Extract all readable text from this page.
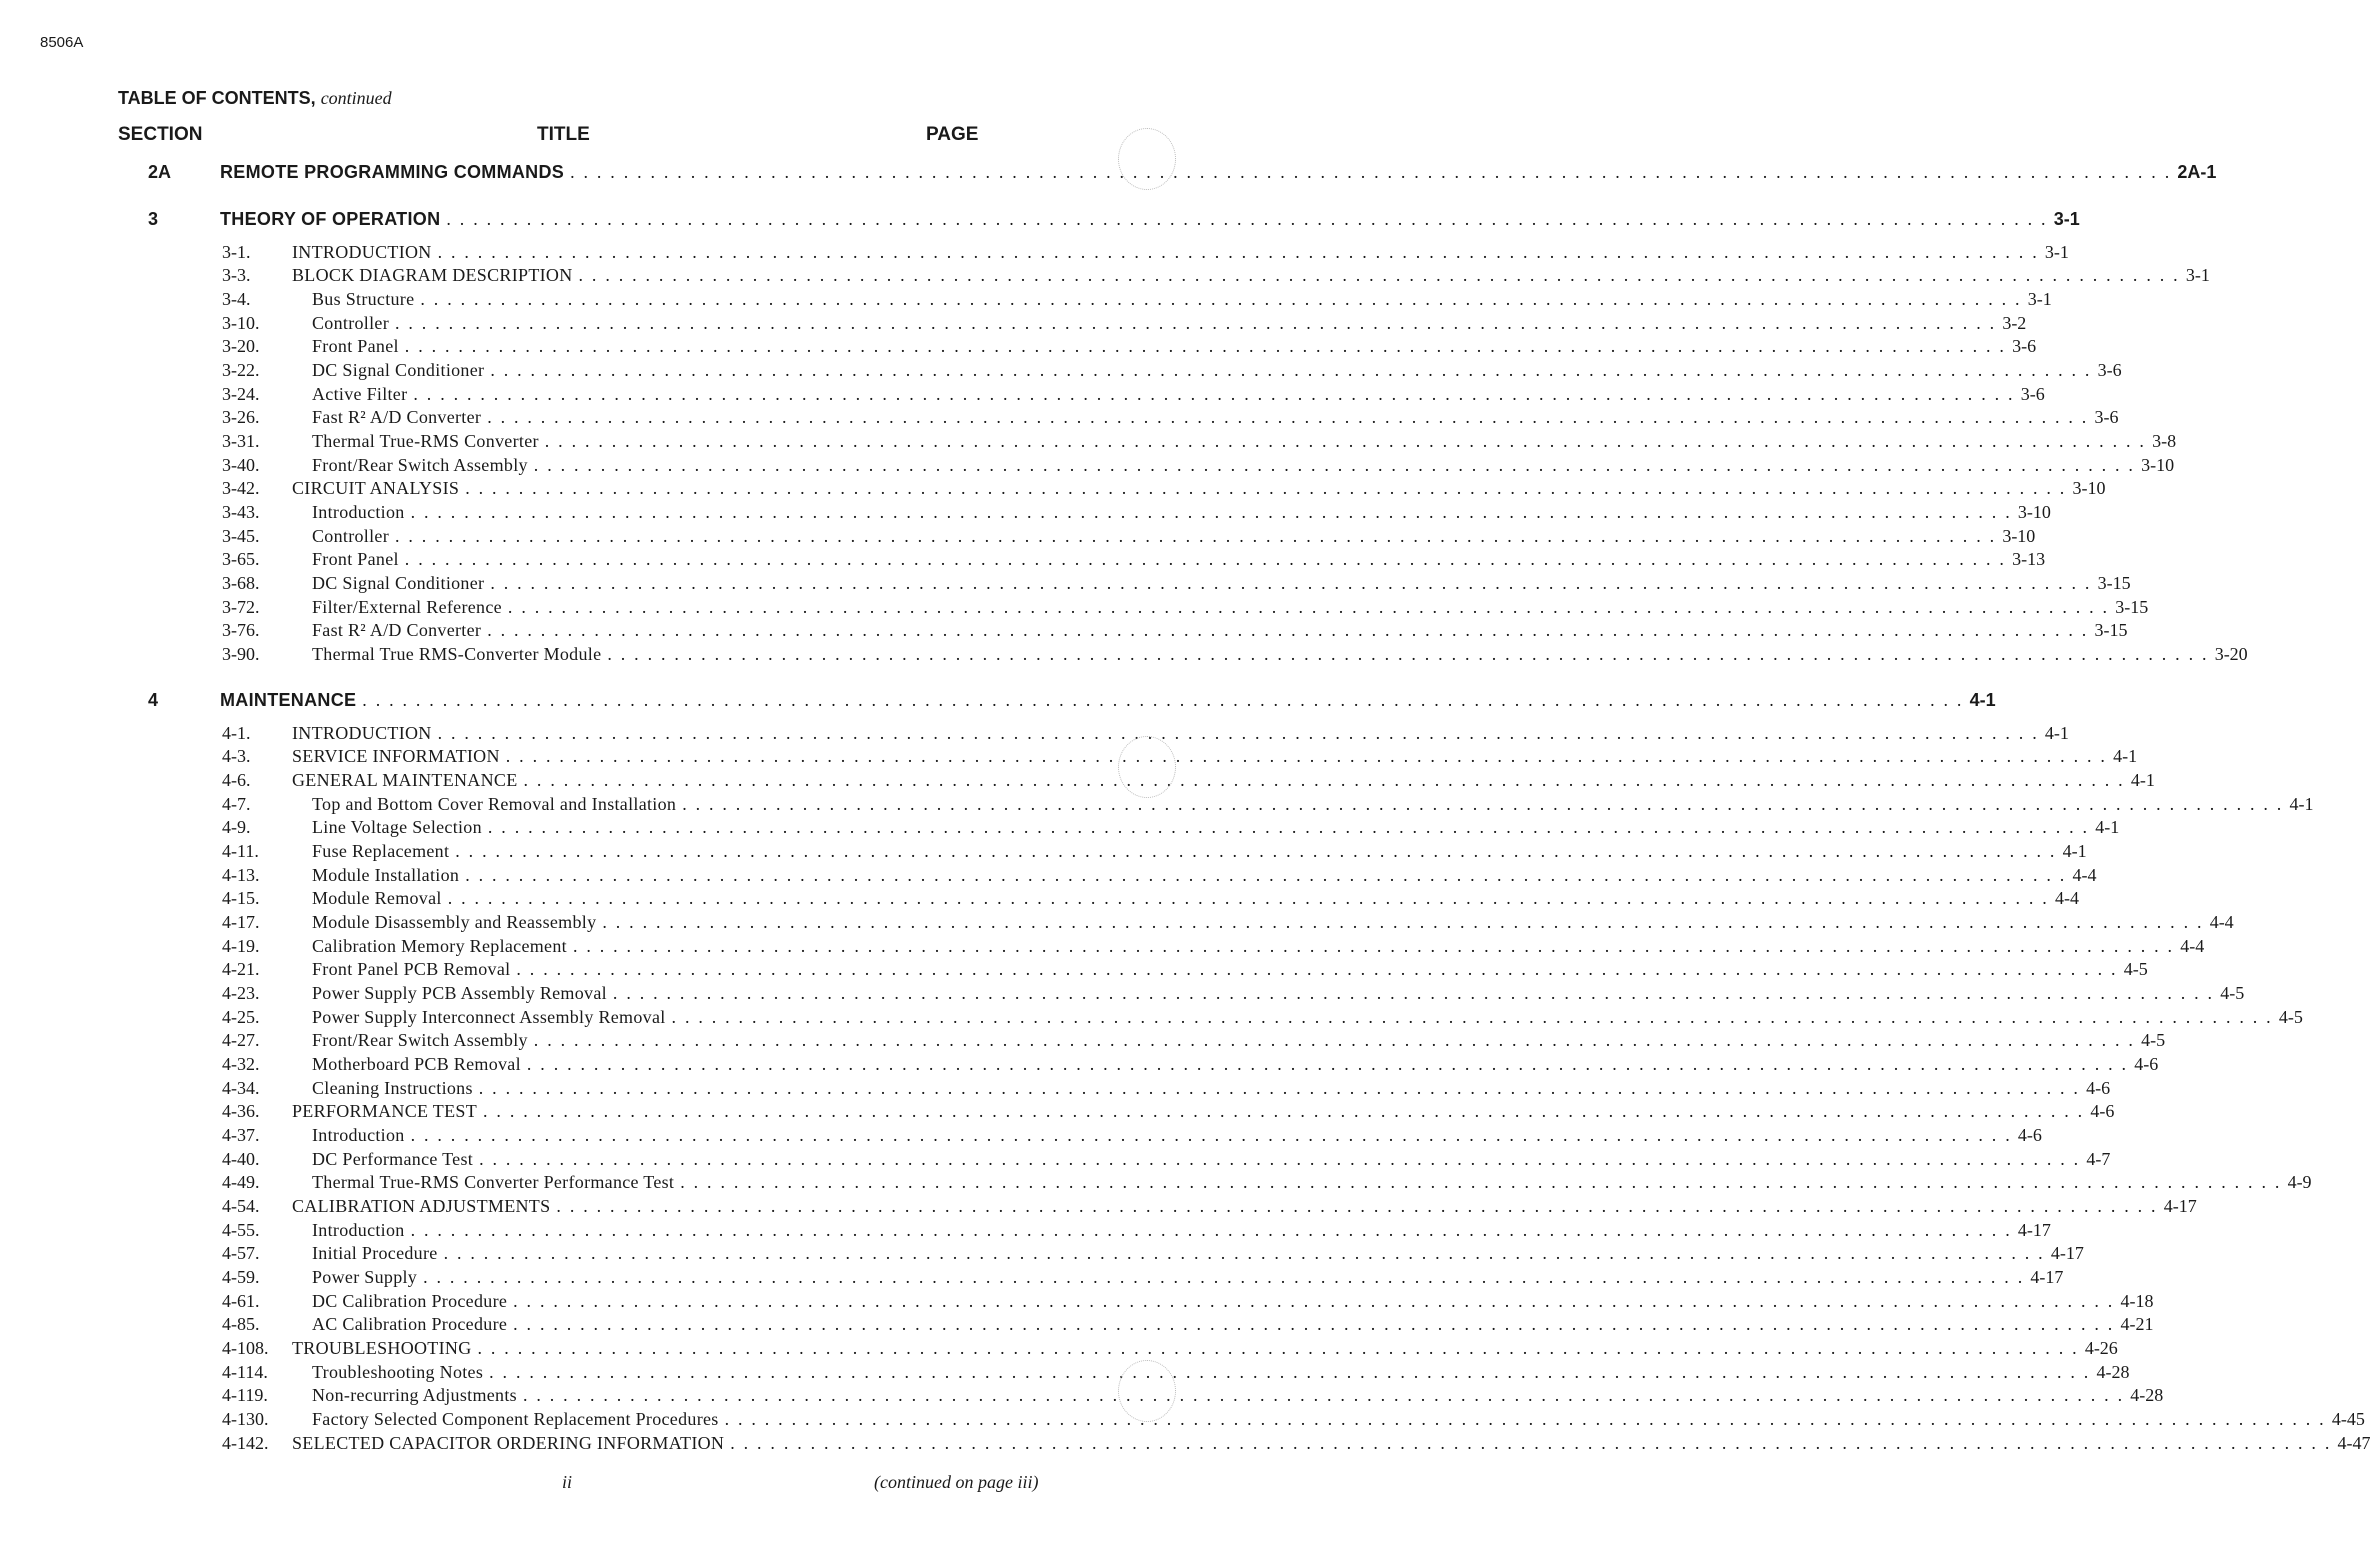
8506A
TABLE OF CONTENTS, continued
SECTION	TITLE	PAGE
2A	REMOTE PROGRAMMING COMMANDS . . . . . . . . . . . . . . . . . . . . . . . . . . . . . . . . . . . . . . . . . . . . . . . . . . . . . . . . . . . . . . . . . . . . . . . . . . . . . . . . . . . . . . . . . . . . . . . . . . . . . . . . . . . . . . . . . . . . . . . . 2A-1
3	THEORY OF OPERATION . . . . . . . . . . . . . . . . . . . . . . . . . . . . . . . . . . . . . . . . . . . . . . . . . . . . . . . . . . . . . . . . . . . . . . . . . . . . . . . . . . . . . . . . . . . . . . . . . . . . . . . . . . . . . . . . . . . . . . . . 3-1
3-1. INTRODUCTION . . . . . . . . . . . . . . . . . . . . . . . . . . . . . . . . . . . . . . . . . . . . . . . . . . . . . . . . . . . . . . . . . . . . . . . . . . . . . . . . . . . . . . . . . . . . . . . . . . . . . . . . . . . . . . . . . . . . . . . . 3-1
3-3. BLOCK DIAGRAM DESCRIPTION . . . . . . . . . . . . . . . . . . . . . . . . . . . . . . . . . . . . . . . . . . . . . . . . . . . . . . . . . . . . . . . . . . . . . . . . . . . . . . . . . . . . . . . . . . . . . . . . . . . . . . . . . . . . . . . . . . . . . . . . 3-1
3-4.	Bus Structure . . . . . . . . . . . . . . . . . . . . . . . . . . . . . . . . . . . . . . . . . . . . . . . . . . . . . . . . . . . . . . . . . . . . . . . . . . . . . . . . . . . . . . . . . . . . . . . . . . . . . . . . . . . . . . . . . . . . . . . . 3-1
3-10.	Controller . . . . . . . . . . . . . . . . . . . . . . . . . . . . . . . . . . . . . . . . . . . . . . . . . . . . . . . . . . . . . . . . . . . . . . . . . . . . . . . . . . . . . . . . . . . . . . . . . . . . . . . . . . . . . . . . . . . . . . . . 3-2
3-20.	Front Panel . . . . . . . . . . . . . . . . . . . . . . . . . . . . . . . . . . . . . . . . . . . . . . . . . . . . . . . . . . . . . . . . . . . . . . . . . . . . . . . . . . . . . . . . . . . . . . . . . . . . . . . . . . . . . . . . . . . . . . . . 3-6
3-22.	DC Signal Conditioner . . . . . . . . . . . . . . . . . . . . . . . . . . . . . . . . . . . . . . . . . . . . . . . . . . . . . . . . . . . . . . . . . . . . . . . . . . . . . . . . . . . . . . . . . . . . . . . . . . . . . . . . . . . . . . . . . . . . . . . . 3-6
3-24.	Active Filter . . . . . . . . . . . . . . . . . . . . . . . . . . . . . . . . . . . . . . . . . . . . . . . . . . . . . . . . . . . . . . . . . . . . . . . . . . . . . . . . . . . . . . . . . . . . . . . . . . . . . . . . . . . . . . . . . . . . . . . . 3-6
3-26.	Fast R² A/D Converter . . . . . . . . . . . . . . . . . . . . . . . . . . . . . . . . . . . . . . . . . . . . . . . . . . . . . . . . . . . . . . . . . . . . . . . . . . . . . . . . . . . . . . . . . . . . . . . . . . . . . . . . . . . . . . . . . . . . . . . . 3-6
3-31.	Thermal True-RMS Converter . . . . . . . . . . . . . . . . . . . . . . . . . . . . . . . . . . . . . . . . . . . . . . . . . . . . . . . . . . . . . . . . . . . . . . . . . . . . . . . . . . . . . . . . . . . . . . . . . . . . . . . . . . . . . . . . . . . . . . . . 3-8
3-40.	Front/Rear Switch Assembly . . . . . . . . . . . . . . . . . . . . . . . . . . . . . . . . . . . . . . . . . . . . . . . . . . . . . . . . . . . . . . . . . . . . . . . . . . . . . . . . . . . . . . . . . . . . . . . . . . . . . . . . . . . . . . . . . . . . . . . . 3-10
3-42. CIRCUIT ANALYSIS . . . . . . . . . . . . . . . . . . . . . . . . . . . . . . . . . . . . . . . . . . . . . . . . . . . . . . . . . . . . . . . . . . . . . . . . . . . . . . . . . . . . . . . . . . . . . . . . . . . . . . . . . . . . . . . . . . . . . . . . 3-10
3-43.	Introduction . . . . . . . . . . . . . . . . . . . . . . . . . . . . . . . . . . . . . . . . . . . . . . . . . . . . . . . . . . . . . . . . . . . . . . . . . . . . . . . . . . . . . . . . . . . . . . . . . . . . . . . . . . . . . . . . . . . . . . . . 3-10
3-45.	Controller . . . . . . . . . . . . . . . . . . . . . . . . . . . . . . . . . . . . . . . . . . . . . . . . . . . . . . . . . . . . . . . . . . . . . . . . . . . . . . . . . . . . . . . . . . . . . . . . . . . . . . . . . . . . . . . . . . . . . . . . 3-10
3-65.	Front Panel . . . . . . . . . . . . . . . . . . . . . . . . . . . . . . . . . . . . . . . . . . . . . . . . . . . . . . . . . . . . . . . . . . . . . . . . . . . . . . . . . . . . . . . . . . . . . . . . . . . . . . . . . . . . . . . . . . . . . . . . 3-13
3-68.	DC Signal Conditioner . . . . . . . . . . . . . . . . . . . . . . . . . . . . . . . . . . . . . . . . . . . . . . . . . . . . . . . . . . . . . . . . . . . . . . . . . . . . . . . . . . . . . . . . . . . . . . . . . . . . . . . . . . . . . . . . . . . . . . . . 3-15
3-72.	Filter/External Reference . . . . . . . . . . . . . . . . . . . . . . . . . . . . . . . . . . . . . . . . . . . . . . . . . . . . . . . . . . . . . . . . . . . . . . . . . . . . . . . . . . . . . . . . . . . . . . . . . . . . . . . . . . . . . . . . . . . . . . . . 3-15
3-76.	Fast R² A/D Converter . . . . . . . . . . . . . . . . . . . . . . . . . . . . . . . . . . . . . . . . . . . . . . . . . . . . . . . . . . . . . . . . . . . . . . . . . . . . . . . . . . . . . . . . . . . . . . . . . . . . . . . . . . . . . . . . . . . . . . . . 3-15
3-90.	Thermal True RMS-Converter Module . . . . . . . . . . . . . . . . . . . . . . . . . . . . . . . . . . . . . . . . . . . . . . . . . . . . . . . . . . . . . . . . . . . . . . . . . . . . . . . . . . . . . . . . . . . . . . . . . . . . . . . . . . . . . . . . . . . . . . . . 3-20
4	MAINTENANCE . . . . . . . . . . . . . . . . . . . . . . . . . . . . . . . . . . . . . . . . . . . . . . . . . . . . . . . . . . . . . . . . . . . . . . . . . . . . . . . . . . . . . . . . . . . . . . . . . . . . . . . . . . . . . . . . . . . . . . . . 4-1
4-1. INTRODUCTION . . . . . . . . . . . . . . . . . . . . . . . . . . . . . . . . . . . . . . . . . . . . . . . . . . . . . . . . . . . . . . . . . . . . . . . . . . . . . . . . . . . . . . . . . . . . . . . . . . . . . . . . . . . . . . . . . . . . . . . . 4-1
4-3. SERVICE INFORMATION . . . . . . . . . . . . . . . . . . . . . . . . . . . . . . . . . . . . . . . . . . . . . . . . . . . . . . . . . . . . . . . . . . . . . . . . . . . . . . . . . . . . . . . . . . . . . . . . . . . . . . . . . . . . . . . . . . . . . . . . 4-1
4-6. GENERAL MAINTENANCE . . . . . . . . . . . . . . . . . . . . . . . . . . . . . . . . . . . . . . . . . . . . . . . . . . . . . . . . . . . . . . . . . . . . . . . . . . . . . . . . . . . . . . . . . . . . . . . . . . . . . . . . . . . . . . . . . . . . . . . . 4-1
4-7.	Top and Bottom Cover Removal and Installation . . . . . . . . . . . . . . . . . . . . . . . . . . . . . . . . . . . . . . . . . . . . . . . . . . . . . . . . . . . . . . . . . . . . . . . . . . . . . . . . . . . . . . . . . . . . . . . . . . . . . . . . . . . . . . . . . . . . . . . . 4-1
4-9.	Line Voltage Selection . . . . . . . . . . . . . . . . . . . . . . . . . . . . . . . . . . . . . . . . . . . . . . . . . . . . . . . . . . . . . . . . . . . . . . . . . . . . . . . . . . . . . . . . . . . . . . . . . . . . . . . . . . . . . . . . . . . . . . . . 4-1
4-11.	Fuse Replacement . . . . . . . . . . . . . . . . . . . . . . . . . . . . . . . . . . . . . . . . . . . . . . . . . . . . . . . . . . . . . . . . . . . . . . . . . . . . . . . . . . . . . . . . . . . . . . . . . . . . . . . . . . . . . . . . . . . . . . . . 4-1
4-13.	Module Installation . . . . . . . . . . . . . . . . . . . . . . . . . . . . . . . . . . . . . . . . . . . . . . . . . . . . . . . . . . . . . . . . . . . . . . . . . . . . . . . . . . . . . . . . . . . . . . . . . . . . . . . . . . . . . . . . . . . . . . . . 4-4
4-15.	Module Removal . . . . . . . . . . . . . . . . . . . . . . . . . . . . . . . . . . . . . . . . . . . . . . . . . . . . . . . . . . . . . . . . . . . . . . . . . . . . . . . . . . . . . . . . . . . . . . . . . . . . . . . . . . . . . . . . . . . . . . . . 4-4
4-17.	Module Disassembly and Reassembly . . . . . . . . . . . . . . . . . . . . . . . . . . . . . . . . . . . . . . . . . . . . . . . . . . . . . . . . . . . . . . . . . . . . . . . . . . . . . . . . . . . . . . . . . . . . . . . . . . . . . . . . . . . . . . . . . . . . . . . . 4-4
4-19.	Calibration Memory Replacement . . . . . . . . . . . . . . . . . . . . . . . . . . . . . . . . . . . . . . . . . . . . . . . . . . . . . . . . . . . . . . . . . . . . . . . . . . . . . . . . . . . . . . . . . . . . . . . . . . . . . . . . . . . . . . . . . . . . . . . . 4-4
4-21.	Front Panel PCB Removal . . . . . . . . . . . . . . . . . . . . . . . . . . . . . . . . . . . . . . . . . . . . . . . . . . . . . . . . . . . . . . . . . . . . . . . . . . . . . . . . . . . . . . . . . . . . . . . . . . . . . . . . . . . . . . . . . . . . . . . . 4-5
4-23.	Power Supply PCB Assembly Removal . . . . . . . . . . . . . . . . . . . . . . . . . . . . . . . . . . . . . . . . . . . . . . . . . . . . . . . . . . . . . . . . . . . . . . . . . . . . . . . . . . . . . . . . . . . . . . . . . . . . . . . . . . . . . . . . . . . . . . . . 4-5
4-25.	Power Supply Interconnect Assembly Removal . . . . . . . . . . . . . . . . . . . . . . . . . . . . . . . . . . . . . . . . . . . . . . . . . . . . . . . . . . . . . . . . . . . . . . . . . . . . . . . . . . . . . . . . . . . . . . . . . . . . . . . . . . . . . . . . . . . . . . . . 4-5
4-27.	Front/Rear Switch Assembly . . . . . . . . . . . . . . . . . . . . . . . . . . . . . . . . . . . . . . . . . . . . . . . . . . . . . . . . . . . . . . . . . . . . . . . . . . . . . . . . . . . . . . . . . . . . . . . . . . . . . . . . . . . . . . . . . . . . . . . . 4-5
4-32.	Motherboard PCB Removal . . . . . . . . . . . . . . . . . . . . . . . . . . . . . . . . . . . . . . . . . . . . . . . . . . . . . . . . . . . . . . . . . . . . . . . . . . . . . . . . . . . . . . . . . . . . . . . . . . . . . . . . . . . . . . . . . . . . . . . . 4-6
4-34.	Cleaning Instructions . . . . . . . . . . . . . . . . . . . . . . . . . . . . . . . . . . . . . . . . . . . . . . . . . . . . . . . . . . . . . . . . . . . . . . . . . . . . . . . . . . . . . . . . . . . . . . . . . . . . . . . . . . . . . . . . . . . . . . . . 4-6
4-36. PERFORMANCE TEST . . . . . . . . . . . . . . . . . . . . . . . . . . . . . . . . . . . . . . . . . . . . . . . . . . . . . . . . . . . . . . . . . . . . . . . . . . . . . . . . . . . . . . . . . . . . . . . . . . . . . . . . . . . . . . . . . . . . . . . . 4-6
4-37.	Introduction . . . . . . . . . . . . . . . . . . . . . . . . . . . . . . . . . . . . . . . . . . . . . . . . . . . . . . . . . . . . . . . . . . . . . . . . . . . . . . . . . . . . . . . . . . . . . . . . . . . . . . . . . . . . . . . . . . . . . . . . 4-6
4-40.	DC Performance Test . . . . . . . . . . . . . . . . . . . . . . . . . . . . . . . . . . . . . . . . . . . . . . . . . . . . . . . . . . . . . . . . . . . . . . . . . . . . . . . . . . . . . . . . . . . . . . . . . . . . . . . . . . . . . . . . . . . . . . . . 4-7
4-49.	Thermal True-RMS Converter Performance Test . . . . . . . . . . . . . . . . . . . . . . . . . . . . . . . . . . . . . . . . . . . . . . . . . . . . . . . . . . . . . . . . . . . . . . . . . . . . . . . . . . . . . . . . . . . . . . . . . . . . . . . . . . . . . . . . . . . . . . . . 4-9
4-54. CALIBRATION ADJUSTMENTS . . . . . . . . . . . . . . . . . . . . . . . . . . . . . . . . . . . . . . . . . . . . . . . . . . . . . . . . . . . . . . . . . . . . . . . . . . . . . . . . . . . . . . . . . . . . . . . . . . . . . . . . . . . . . . . . . . . . . . . . 4-17
4-55.	Introduction . . . . . . . . . . . . . . . . . . . . . . . . . . . . . . . . . . . . . . . . . . . . . . . . . . . . . . . . . . . . . . . . . . . . . . . . . . . . . . . . . . . . . . . . . . . . . . . . . . . . . . . . . . . . . . . . . . . . . . . . 4-17
4-57.	Initial Procedure . . . . . . . . . . . . . . . . . . . . . . . . . . . . . . . . . . . . . . . . . . . . . . . . . . . . . . . . . . . . . . . . . . . . . . . . . . . . . . . . . . . . . . . . . . . . . . . . . . . . . . . . . . . . . . . . . . . . . . . . 4-17
4-59.	Power Supply . . . . . . . . . . . . . . . . . . . . . . . . . . . . . . . . . . . . . . . . . . . . . . . . . . . . . . . . . . . . . . . . . . . . . . . . . . . . . . . . . . . . . . . . . . . . . . . . . . . . . . . . . . . . . . . . . . . . . . . . 4-17
4-61.	DC Calibration Procedure . . . . . . . . . . . . . . . . . . . . . . . . . . . . . . . . . . . . . . . . . . . . . . . . . . . . . . . . . . . . . . . . . . . . . . . . . . . . . . . . . . . . . . . . . . . . . . . . . . . . . . . . . . . . . . . . . . . . . . . . 4-18
4-85.	AC Calibration Procedure . . . . . . . . . . . . . . . . . . . . . . . . . . . . . . . . . . . . . . . . . . . . . . . . . . . . . . . . . . . . . . . . . . . . . . . . . . . . . . . . . . . . . . . . . . . . . . . . . . . . . . . . . . . . . . . . . . . . . . . . 4-21
4-108. TROUBLESHOOTING . . . . . . . . . . . . . . . . . . . . . . . . . . . . . . . . . . . . . . . . . . . . . . . . . . . . . . . . . . . . . . . . . . . . . . . . . . . . . . . . . . . . . . . . . . . . . . . . . . . . . . . . . . . . . . . . . . . . . . . . 4-26
4-114. Troubleshooting Notes . . . . . . . . . . . . . . . . . . . . . . . . . . . . . . . . . . . . . . . . . . . . . . . . . . . . . . . . . . . . . . . . . . . . . . . . . . . . . . . . . . . . . . . . . . . . . . . . . . . . . . . . . . . . . . . . . . . . . . . . 4-28
4-119. Non-recurring Adjustments . . . . . . . . . . . . . . . . . . . . . . . . . . . . . . . . . . . . . . . . . . . . . . . . . . . . . . . . . . . . . . . . . . . . . . . . . . . . . . . . . . . . . . . . . . . . . . . . . . . . . . . . . . . . . . . . . . . . . . . . 4-28
4-130. Factory Selected Component Replacement Procedures . . . . . . . . . . . . . . . . . . . . . . . . . . . . . . . . . . . . . . . . . . . . . . . . . . . . . . . . . . . . . . . . . . . . . . . . . . . . . . . . . . . . . . . . . . . . . . . . . . . . . . . . . . . . . . . . . . . . . . . . 4-45
4-142. SELECTED CAPACITOR ORDERING INFORMATION . . . . . . . . . . . . . . . . . . . . . . . . . . . . . . . . . . . . . . . . . . . . . . . . . . . . . . . . . . . . . . . . . . . . . . . . . . . . . . . . . . . . . . . . . . . . . . . . . . . . . . . . . . . . . . . . . . . . . . . . 4-47
ii	(continued on page iii)
